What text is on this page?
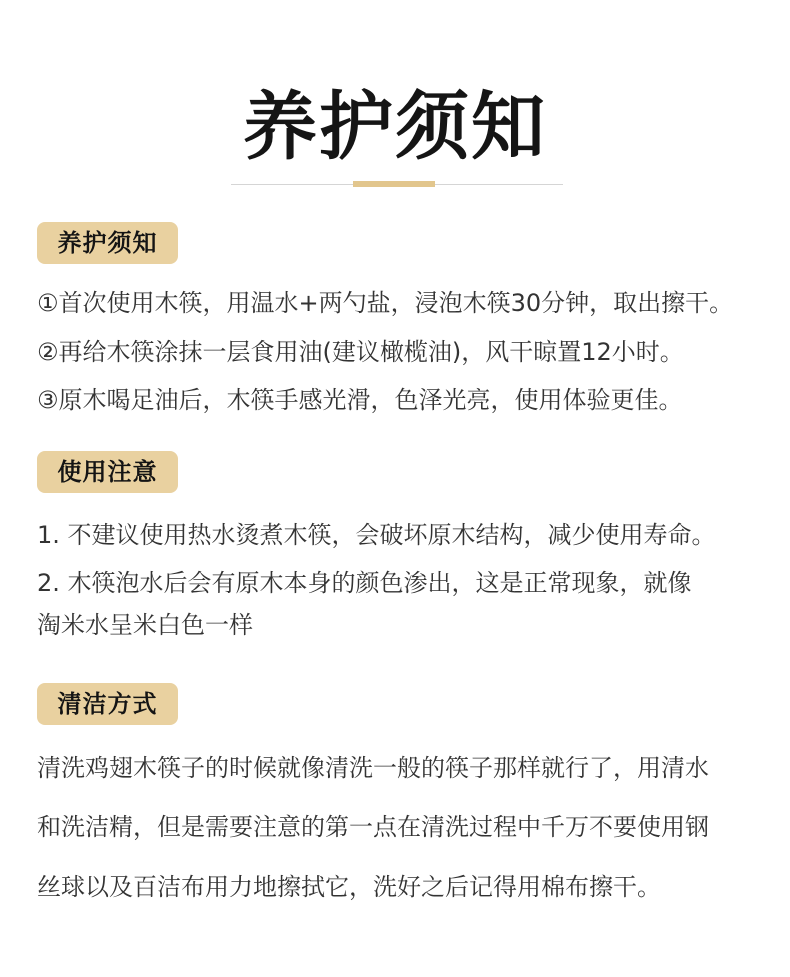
养护须知
养护须知
①首次使用木筷，用温水+两勺盐，浸泡木筷30分钟，取出擦干。
②再给木筷涂抹一层食用油(建议橄榄油)，风干晾置12小时。
③原木喝足油后，木筷手感光滑，色泽光亮，使用体验更佳。
使用注意
1. 不建议使用热水烫煮木筷，会破坏原木结构，减少使用寿命。
2. 木筷泡水后会有原木本身的颜色渗出，这是正常现象，就像
淘米水呈米白色一样
清洁方式
清洗鸡翅木筷子的时候就像清洗一般的筷子那样就行了，用清水
和洗洁精，但是需要注意的第一点在清洗过程中千万不要使用钢
丝球以及百洁布用力地擦拭它，洗好之后记得用棉布擦干。
